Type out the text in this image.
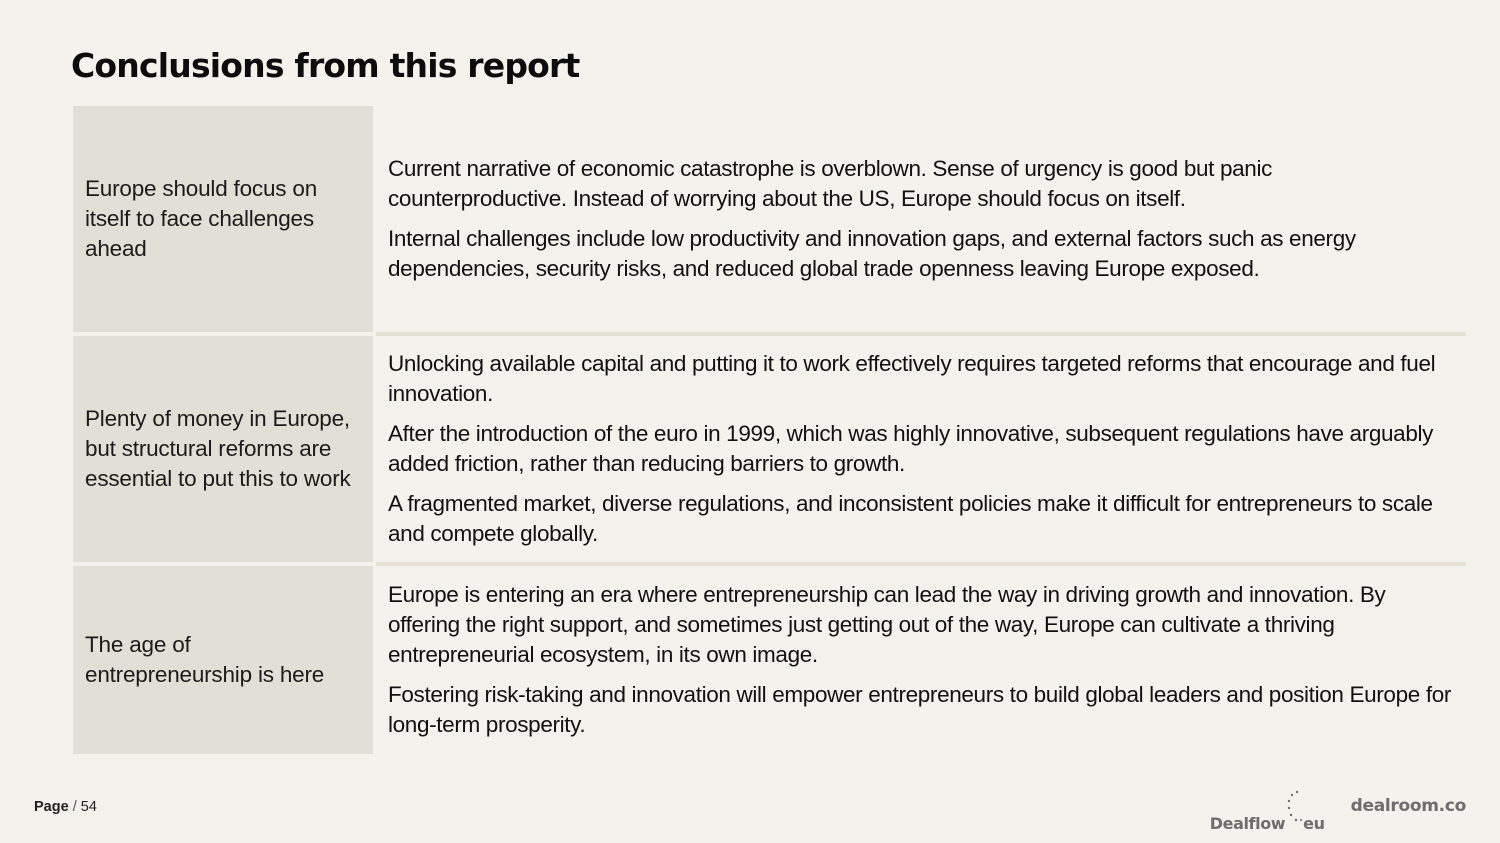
Conclusions from this report
Europe should focus on itself to face challenges ahead

Current narrative of economic catastrophe is overblown. Sense of urgency is good but panic counterproductive. Instead of worrying about the US, Europe should focus on itself.

Internal challenges include low productivity and innovation gaps, and external factors such as energy dependencies, security risks, and reduced global trade openness leaving Europe exposed.

Plenty of money in Europe, but structural reforms are essential to put this to work

Unlocking available capital and putting it to work effectively requires targeted reforms that encourage and fuel innovation.

After the introduction of the euro in 1999, which was highly innovative, subsequent regulations have arguably added friction, rather than reducing barriers to growth.

A fragmented market, diverse regulations, and inconsistent policies make it difficult for entrepreneurs to scale and compete globally.

The age of entrepreneurship is here

Europe is entering an era where entrepreneurship can lead the way in driving growth and innovation. By offering the right support, and sometimes just getting out of the way, Europe can cultivate a thriving entrepreneurial ecosystem, in its own image.

Fostering risk-taking and innovation will empower entrepreneurs to build global leaders and position Europe for long-term prosperity.

Page / 54
Dealflow eu
dealroom.co
